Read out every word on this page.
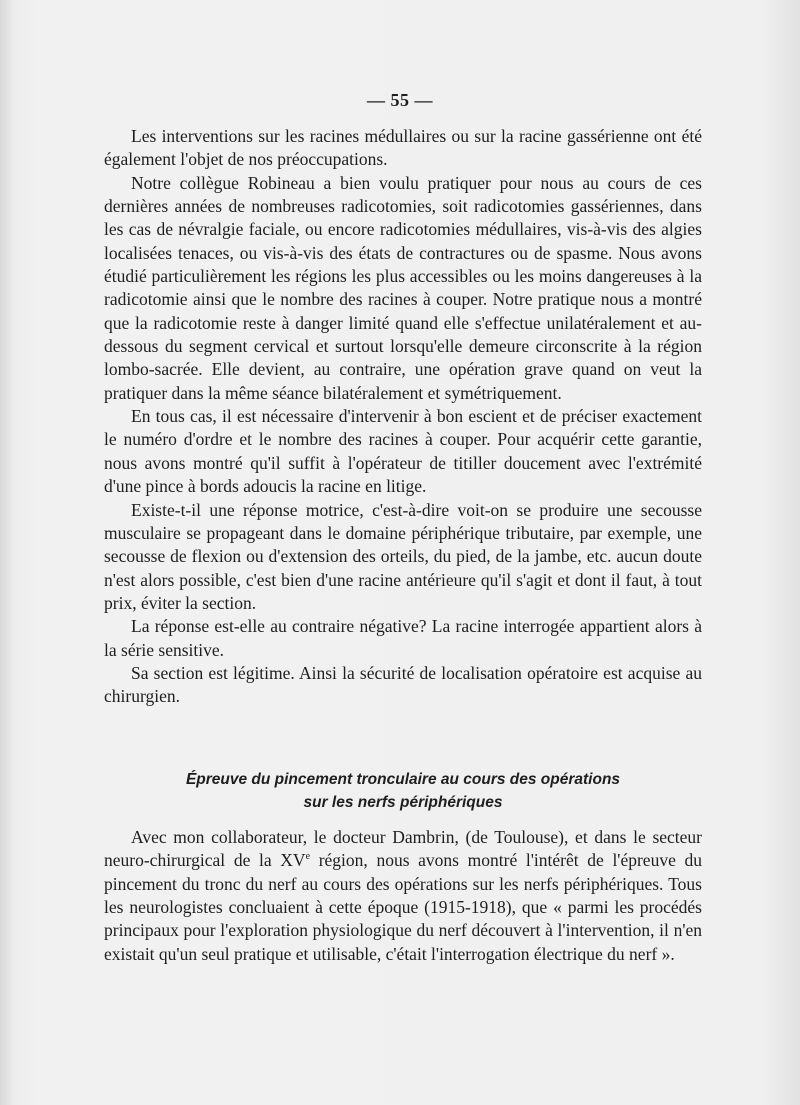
— 55 —

Les interventions sur les racines médullaires ou sur la racine gassérienne ont été également l'objet de nos préoccupations.

Notre collègue Robineau a bien voulu pratiquer pour nous au cours de ces dernières années de nombreuses radicotomies, soit radicotomies gassériennes, dans les cas de névralgie faciale, ou encore radicotomies médullaires, vis-à-vis des algies localisées tenaces, ou vis-à-vis des états de contractures ou de spasme. Nous avons étudié particulièrement les régions les plus accessibles ou les moins dangereuses à la radicotomie ainsi que le nombre des racines à couper. Notre pratique nous a montré que la radicotomie reste à danger limité quand elle s'effectue unilatéralement et au-dessous du segment cervical et surtout lorsqu'elle demeure circonscrite à la région lombo-sacrée. Elle devient, au contraire, une opération grave quand on veut la pratiquer dans la même séance bilatéralement et symétriquement.

En tous cas, il est nécessaire d'intervenir à bon escient et de préciser exactement le numéro d'ordre et le nombre des racines à couper. Pour acquérir cette garantie, nous avons montré qu'il suffit à l'opérateur de titiller doucement avec l'extrémité d'une pince à bords adoucis la racine en litige.

Existe-t-il une réponse motrice, c'est-à-dire voit-on se produire une secousse musculaire se propageant dans le domaine périphérique tributaire, par exemple, une secousse de flexion ou d'extension des orteils, du pied, de la jambe, etc. aucun doute n'est alors possible, c'est bien d'une racine antérieure qu'il s'agit et dont il faut, à tout prix, éviter la section.

La réponse est-elle au contraire négative? La racine interrogée appartient alors à la série sensitive.

Sa section est légitime. Ainsi la sécurité de localisation opératoire est acquise au chirurgien.

Épreuve du pincement tronculaire au cours des opérations
sur les nerfs périphériques

Avec mon collaborateur, le docteur Dambrin, (de Toulouse), et dans le secteur neuro-chirurgical de la XVe région, nous avons montré l'intérêt de l'épreuve du pincement du tronc du nerf au cours des opérations sur les nerfs périphériques. Tous les neurologistes concluaient à cette époque (1915-1918), que « parmi les procédés principaux pour l'exploration physiologique du nerf découvert à l'intervention, il n'en existait qu'un seul pratique et utilisable, c'était l'interrogation électrique du nerf ».
